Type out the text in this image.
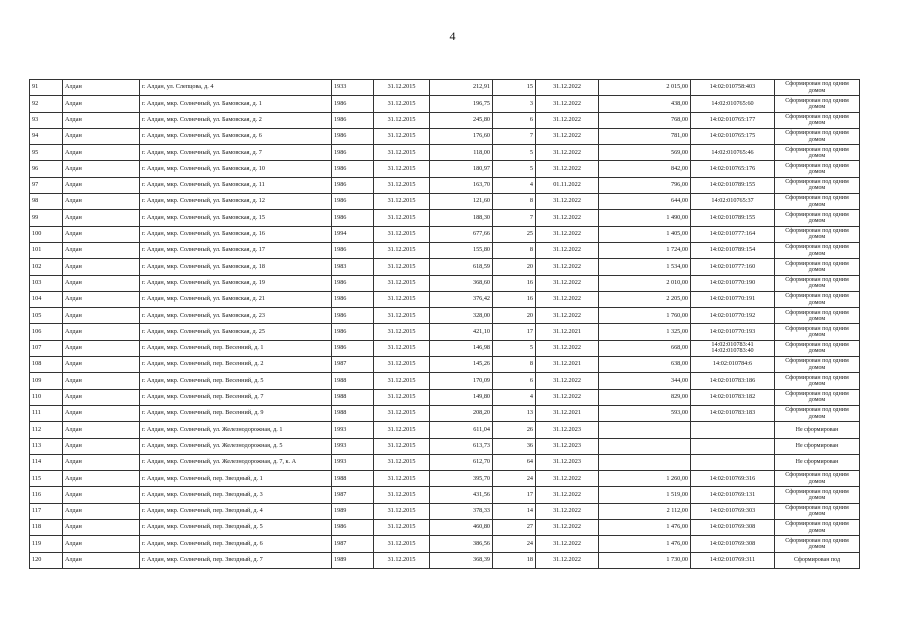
4
91	Алдан	г. Алдан, ул. Слепцова, д. 4	1933	31.12.2015	212,91	15	31.12.2022	2 015,00	14:02:010758:403	Сформирован под одним домом
92	Алдан	г. Алдан, мкр. Солнечный, ул. Бамовская, д. 1	1986	31.12.2015	196,75	3	31.12.2022	438,00	14:02:010765:60	Сформирован под одним домом
93	Алдан	г. Алдан, мкр. Солнечный, ул. Бамовская, д. 2	1986	31.12.2015	245,80	6	31.12.2022	768,00	14:02:010765:177	Сформирован под одним домом
94	Алдан	г. Алдан, мкр. Солнечный, ул. Бамовская, д. 6	1986	31.12.2015	176,60	7	31.12.2022	781,00	14:02:010765:175	Сформирован под одним домом
95	Алдан	г. Алдан, мкр. Солнечный, ул. Бамовская, д. 7	1986	31.12.2015	118,00	5	31.12.2022	569,00	14:02:010765:46	Сформирован под одним домом
96	Алдан	г. Алдан, мкр. Солнечный, ул. Бамовская, д. 10	1986	31.12.2015	180,97	5	31.12.2022	842,00	14:02:010765:176	Сформирован под одним домом
97	Алдан	г. Алдан, мкр. Солнечный, ул. Бамовская, д. 11	1986	31.12.2015	163,70	4	01.11.2022	796,00	14:02:010789:155	Сформирован под одним домом
98	Алдан	г. Алдан, мкр. Солнечный, ул. Бамовская, д. 12	1986	31.12.2015	121,60	8	31.12.2022	644,00	14:02:010765:37	Сформирован под одним домом
99	Алдан	г. Алдан, мкр. Солнечный, ул. Бамовская, д. 15	1986	31.12.2015	188,30	7	31.12.2022	1 490,00	14:02:010789:155	Сформирован под одним домом
100	Алдан	г. Алдан, мкр. Солнечный, ул. Бамовская, д. 16	1994	31.12.2015	677,66	25	31.12.2022	1 405,00	14:02:010777:164	Сформирован под одним домом
101	Алдан	г. Алдан, мкр. Солнечный, ул. Бамовская, д. 17	1986	31.12.2015	155,80	8	31.12.2022	1 724,00	14:02:010789:154	Сформирован под одним домом
102	Алдан	г. Алдан, мкр. Солнечный, ул. Бамовская, д. 18	1983	31.12.2015	618,59	20	31.12.2022	1 534,00	14:02:010777:160	Сформирован под одним домом
103	Алдан	г. Алдан, мкр. Солнечный, ул. Бамовская, д. 19	1986	31.12.2015	368,60	16	31.12.2022	2 010,00	14:02:010770:190	Сформирован под одним домом
104	Алдан	г. Алдан, мкр. Солнечный, ул. Бамовская, д. 21	1986	31.12.2015	376,42	16	31.12.2022	2 205,00	14:02:010770:191	Сформирован под одним домом
105	Алдан	г. Алдан, мкр. Солнечный, ул. Бамовская, д. 23	1986	31.12.2015	328,00	20	31.12.2022	1 760,00	14:02:010770:192	Сформирован под одним домом
106	Алдан	г. Алдан, мкр. Солнечный, ул. Бамовская, д. 25	1986	31.12.2015	421,10	17	31.12.2021	1 325,00	14:02:010770:193	Сформирован под одним домом
107	Алдан	г. Алдан, мкр. Солнечный, пер. Весенний, д. 1	1986	31.12.2015	146,98	5	31.12.2022	668,00	14:02:010783:41 14:02:010783:40	Сформирован под одним домом
108	Алдан	г. Алдан, мкр. Солнечный, пер. Весенний, д. 2	1987	31.12.2015	145,26	8	31.12.2021	638,00	14:02:010784:6	Сформирован под одним домом
109	Алдан	г. Алдан, мкр. Солнечный, пер. Весенний, д. 5	1988	31.12.2015	170,09	6	31.12.2022	344,00	14:02:010783:186	Сформирован под одним домом
110	Алдан	г. Алдан, мкр. Солнечный, пер. Весенний, д. 7	1988	31.12.2015	149,80	4	31.12.2022	829,00	14:02:010783:182	Сформирован под одним домом
111	Алдан	г. Алдан, мкр. Солнечный, пер. Весенний, д. 9	1988	31.12.2015	208,20	13	31.12.2021	593,00	14:02:010783:183	Сформирован под одним домом
112	Алдан	г. Алдан, мкр. Солнечный, ул. Железнодорожная, д. 1	1993	31.12.2015	611,04	26	31.12.2023			Не сформирован
113	Алдан	г. Алдан, мкр. Солнечный, ул. Железнодорожная, д. 5	1993	31.12.2015	613,73	36	31.12.2023			Не сформирован
114	Алдан	г. Алдан, мкр. Солнечный, ул. Железнодорожная, д. 7, к. А	1993	31.12.2015	612,70	64	31.12.2023			Не сформирован
115	Алдан	г. Алдан, мкр. Солнечный, пер. Звездный, д. 1	1988	31.12.2015	395,70	24	31.12.2022	1 260,00	14:02:010769:316	Сформирован под одним домом
116	Алдан	г. Алдан, мкр. Солнечный, пер. Звездный, д. 3	1987	31.12.2015	431,56	17	31.12.2022	1 519,00	14:02:010769:131	Сформирован под одним домом
117	Алдан	г. Алдан, мкр. Солнечный, пер. Звездный, д. 4	1989	31.12.2015	378,33	14	31.12.2022	2 112,00	14:02:010769:303	Сформирован под одним домом
118	Алдан	г. Алдан, мкр. Солнечный, пер. Звездный, д. 5	1986	31.12.2015	460,80	27	31.12.2022	1 476,00	14:02:010769:308	Сформирован под одним домом
119	Алдан	г. Алдан, мкр. Солнечный, пер. Звездный, д. 6	1987	31.12.2015	386,56	24	31.12.2022	1 476,00	14:02:010769:308	Сформирован под одним домом
120	Алдан	г. Алдан, мкр. Солнечный, пер. Звездный, д. 7	1989	31.12.2015	368,39	18	31.12.2022	1 730,00	14:02:010769:311	Сформирован под
